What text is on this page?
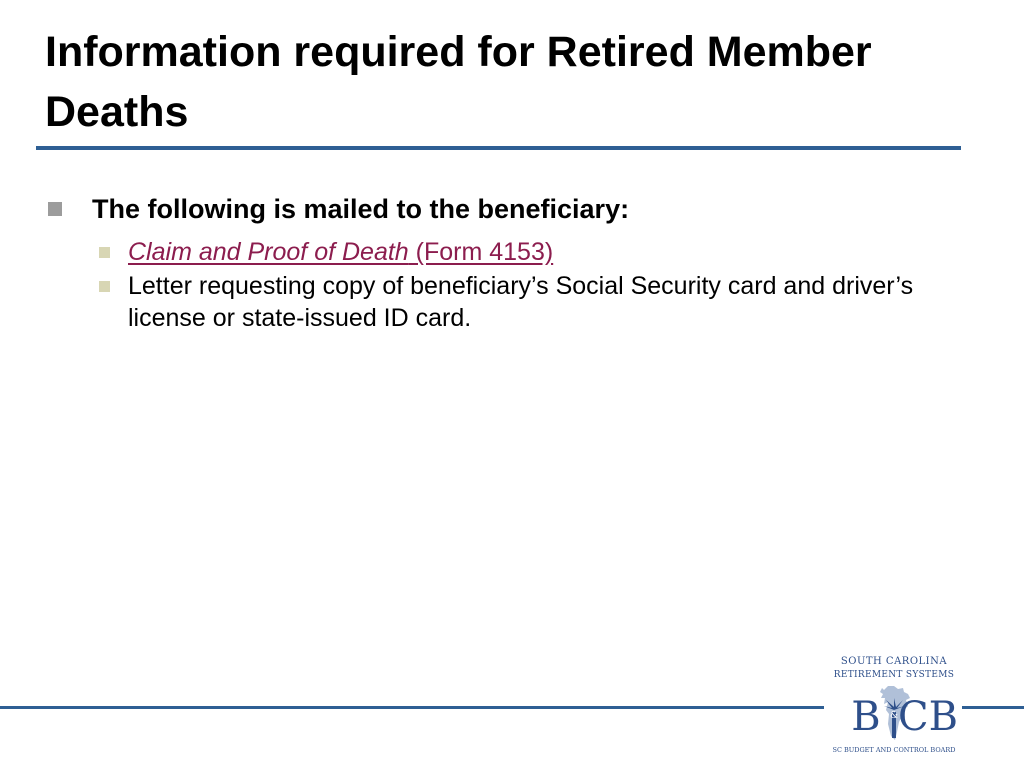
Information required for Retired Member Deaths
The following is mailed to the beneficiary:
Claim and Proof of Death (Form 4153)
Letter requesting copy of beneficiary’s Social Security card and driver’s license or state-issued ID card.
SOUTH CAROLINA
RETIREMENT SYSTEMS
B CB
&
SC BUDGET AND CONTROL BOARD
